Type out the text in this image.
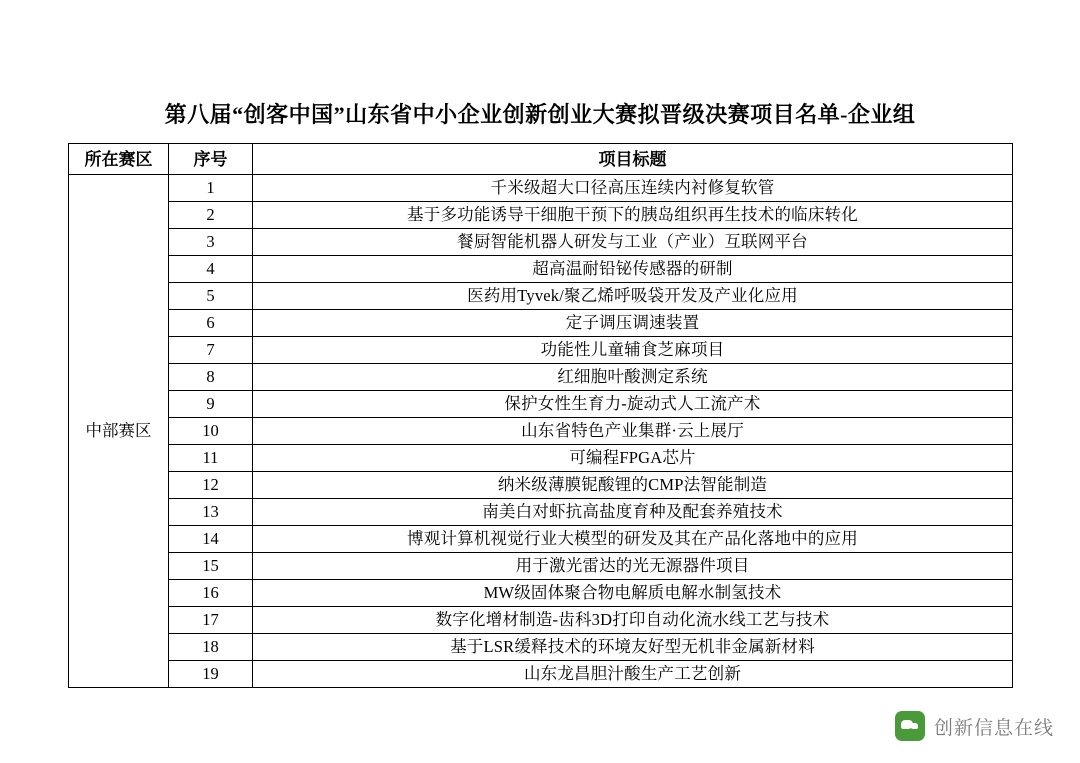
第八届“创客中国”山东省中小企业创新创业大赛拟晋级决赛项目名单-企业组
所在赛区	序号	项目标题
中部赛区	1	千米级超大口径高压连续内衬修复软管
	2	基于多功能诱导干细胞干预下的胰岛组织再生技术的临床转化
	3	餐厨智能机器人研发与工业（产业）互联网平台
	4	超高温耐铅铋传感器的研制
	5	医药用Tyvek/聚乙烯呼吸袋开发及产业化应用
	6	定子调压调速装置
	7	功能性儿童辅食芝麻项目
	8	红细胞叶酸测定系统
	9	保护女性生育力-旋动式人工流产术
	10	山东省特色产业集群·云上展厅
	11	可编程FPGA芯片
	12	纳米级薄膜铌酸锂的CMP法智能制造
	13	南美白对虾抗高盐度育种及配套养殖技术
	14	博观计算机视觉行业大模型的研发及其在产品化落地中的应用
	15	用于激光雷达的光无源器件项目
	16	MW级固体聚合物电解质电解水制氢技术
	17	数字化增材制造-齿科3D打印自动化流水线工艺与技术
	18	基于LSR缓释技术的环境友好型无机非金属新材料
	19	山东龙昌胆汁酸生产工艺创新
创新信息在线
